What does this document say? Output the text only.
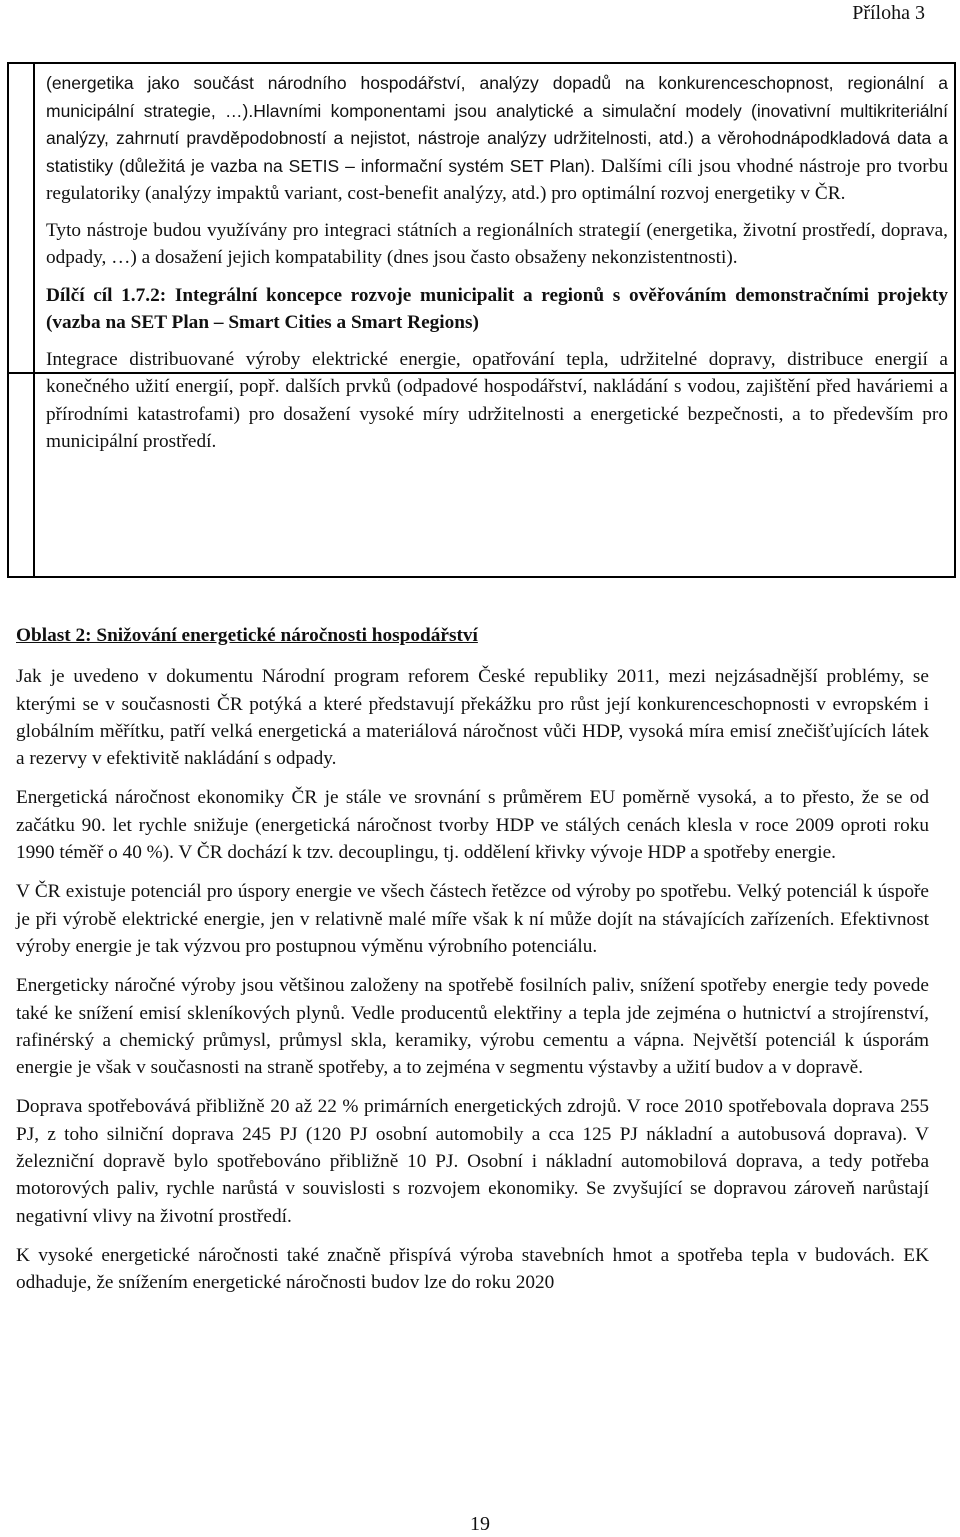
Příloha 3

(energetika jako součást národního hospodářství, analýzy dopadů na konkurenceschopnost, regionální a municipální strategie, …).Hlavními komponentami jsou analytické a simulační modely (inovativní multikriteriální analýzy, zahrnutí pravděpodobností a nejistot, nástroje analýzy udržitelnosti, atd.) a věrohodnápodkladová data a statistiky (důležitá je vazba na SETIS – informační systém SET Plan). Dalšími cíli jsou vhodné nástroje pro tvorbu regulatoriky (analýzy impaktů variant, cost-benefit analýzy, atd.) pro optimální rozvoj energetiky v ČR.

Tyto nástroje budou využívány pro integraci státních a regionálních strategií (energetika, životní prostředí, doprava, odpady, …) a dosažení jejich kompatability (dnes jsou často obsaženy nekonzistentnosti).

Dílčí cíl 1.7.2: Integrální koncepce rozvoje municipalit a regionů s ověřováním demonstračními projekty (vazba na SET Plan – Smart Cities a Smart Regions)

Integrace distribuované výroby elektrické energie, opatřování tepla, udržitelné dopravy, distribuce energií a konečného užití energií, popř. dalších prvků (odpadové hospodářství, nakládání s vodou, zajištění před haváriemi a přírodními katastrofami) pro dosažení vysoké míry udržitelnosti a energetické bezpečnosti, a to především pro municipální prostředí.

Oblast 2: Snižování energetické náročnosti hospodářství

Jak je uvedeno v dokumentu Národní program reforem České republiky 2011, mezi nejzásadnější problémy, se kterými se v současnosti ČR potýká a které představují překážku pro růst její konkurenceschopnosti v evropském i globálním měřítku, patří velká energetická a materiálová náročnost vůči HDP, vysoká míra emisí znečišťujících látek a rezervy v efektivitě nakládání s odpady.

Energetická náročnost ekonomiky ČR je stále ve srovnání s průměrem EU poměrně vysoká, a to přesto, že se od začátku 90. let rychle snižuje (energetická náročnost tvorby HDP ve stálých cenách klesla v roce 2009 oproti roku 1990 téměř o 40 %). V ČR dochází k tzv. decouplingu, tj. oddělení křivky vývoje HDP a spotřeby energie.

V ČR existuje potenciál pro úspory energie ve všech částech řetězce od výroby po spotřebu. Velký potenciál k úspoře je při výrobě elektrické energie, jen v relativně malé míře však k ní může dojít na stávajících zařízeních. Efektivnost výroby energie je tak výzvou pro postupnou výměnu výrobního potenciálu.

Energeticky náročné výroby jsou většinou založeny na spotřebě fosilních paliv, snížení spotřeby energie tedy povede také ke snížení emisí skleníkových plynů. Vedle producentů elektřiny a tepla jde zejména o hutnictví a strojírenství, rafinérský a chemický průmysl, průmysl skla, keramiky, výrobu cementu a vápna. Největší potenciál k úsporám energie je však v současnosti na straně spotřeby, a to zejména v segmentu výstavby a užití budov a v dopravě.

Doprava spotřebovává přibližně 20 až 22 % primárních energetických zdrojů. V roce 2010 spotřebovala doprava 255 PJ, z toho silniční doprava 245 PJ (120 PJ osobní automobily a cca 125 PJ nákladní a autobusová doprava). V železniční dopravě bylo spotřebováno přibližně 10 PJ. Osobní i nákladní automobilová doprava, a tedy potřeba motorových paliv, rychle narůstá v souvislosti s rozvojem ekonomiky. Se zvyšující se dopravou zároveň narůstají negativní vlivy na životní prostředí.

K vysoké energetické náročnosti také značně přispívá výroba stavebních hmot a spotřeba tepla v budovách. EK odhaduje, že snížením energetické náročnosti budov lze do roku 2020

19
